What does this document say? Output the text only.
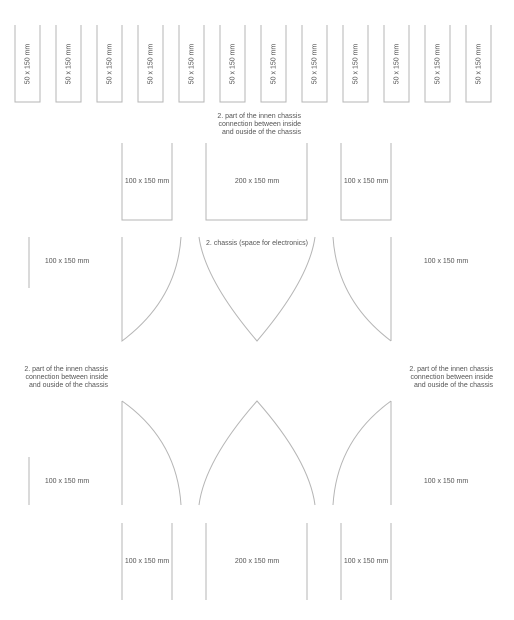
50 x 150 mm	50 x 150 mm	50 x 150 mm	50 x 150 mm	50 x 150 mm	50 x 150 mm	50 x 150 mm	50 x 150 mm	50 x 150 mm	50 x 150 mm	50 x 150 mm	50 x 150 mm
2. part of the innen chassis
connection between inside
and ouside of the chassis
100 x 150 mm	200 x 150 mm	100 x 150 mm
2. chassis (space for electronics)
100 x 150 mm	100 x 150 mm
2. part of the innen chassis
connection between inside
and ouside of the chassis
2. part of the innen chassis
connection between inside
and ouside of the chassis
100 x 150 mm	100 x 150 mm
100 x 150 mm	200 x 150 mm	100 x 150 mm
